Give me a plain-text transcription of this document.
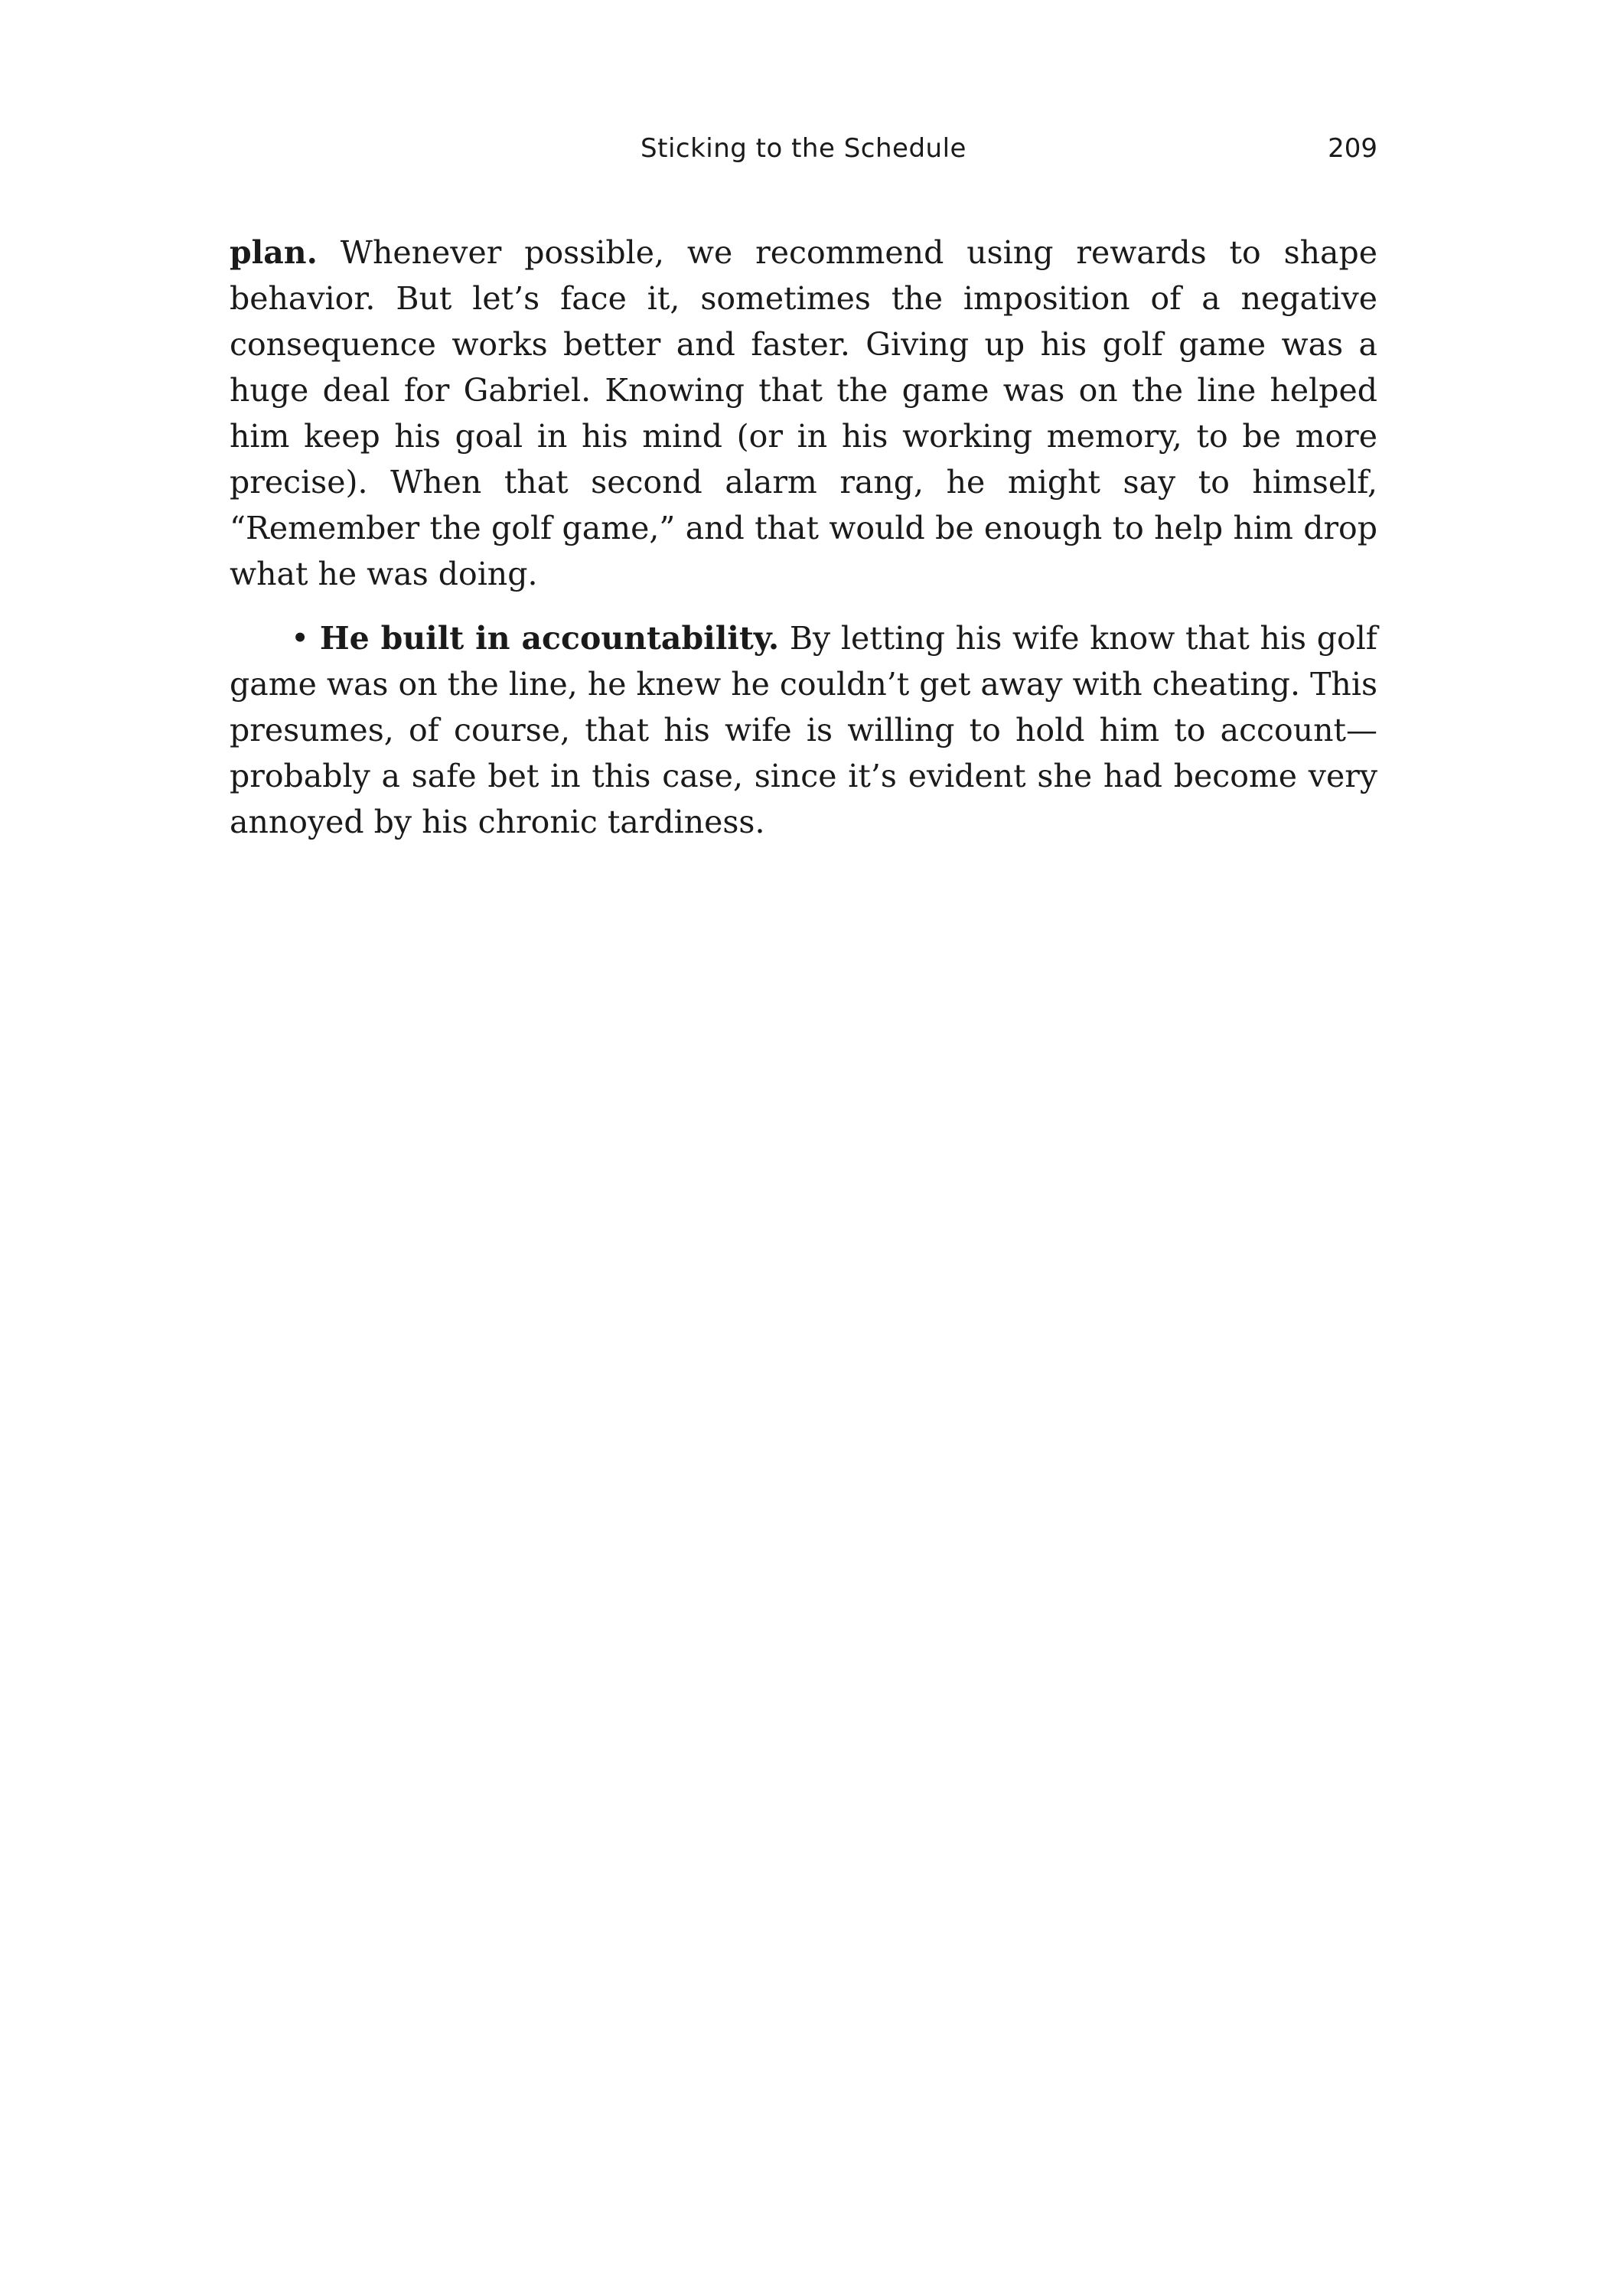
Sticking to the Schedule	209

plan. Whenever possible, we recommend using rewards to shape behavior. But let’s face it, sometimes the imposition of a negative consequence works better and faster. Giving up his golf game was a huge deal for Gabriel. Knowing that the game was on the line helped him keep his goal in his mind (or in his working memory, to be more precise). When that second alarm rang, he might say to himself, “Remember the golf game,” and that would be enough to help him drop what he was doing.

• He built in accountability. By letting his wife know that his golf game was on the line, he knew he couldn’t get away with cheating. This presumes, of course, that his wife is willing to hold him to account—probably a safe bet in this case, since it’s evident she had become very annoyed by his chronic tardiness.
